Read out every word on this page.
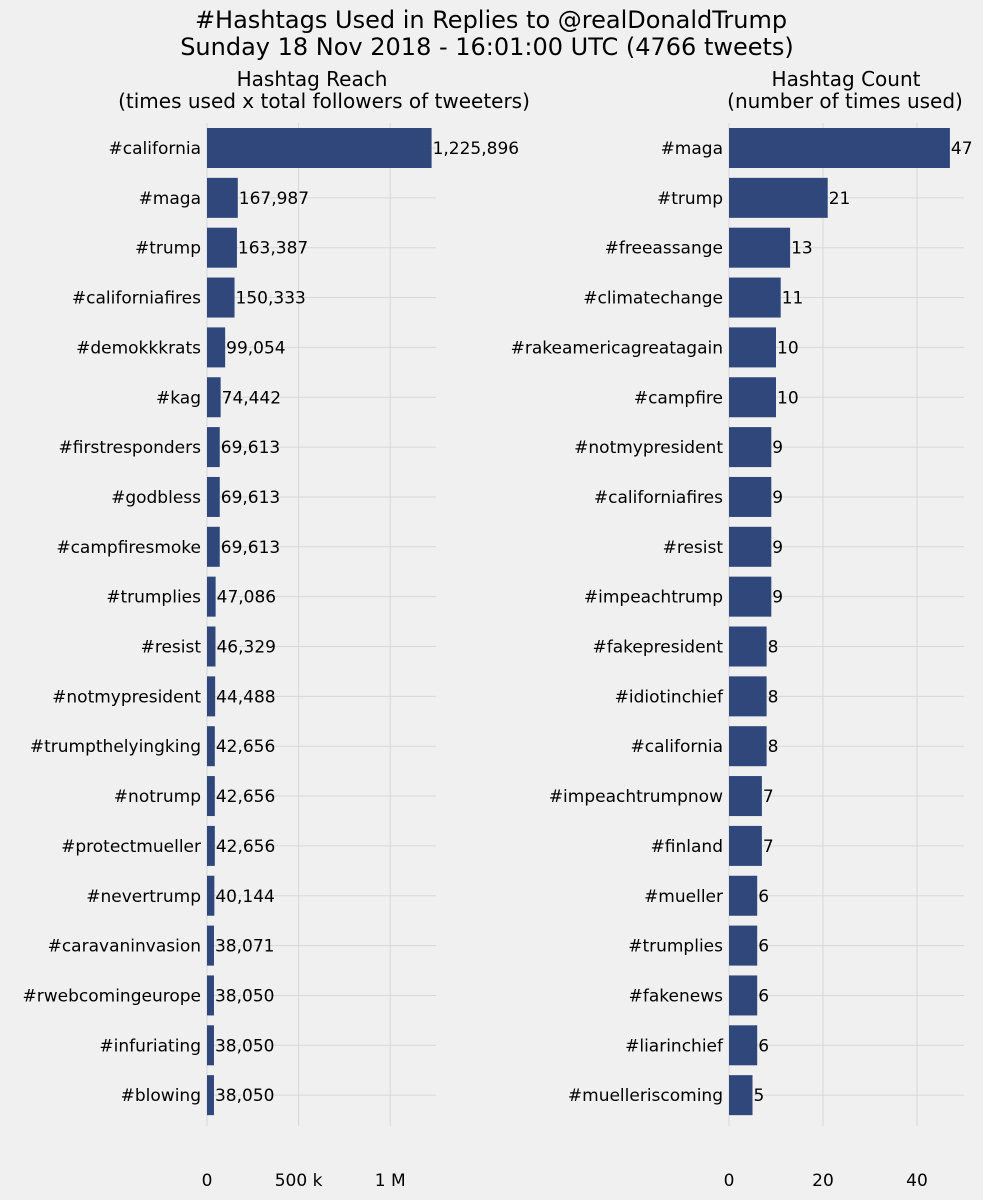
#Hashtags Used in Replies to @realDonaldTrump
Sunday 18 Nov 2018 - 16:01:00 UTC (4766 tweets)
Hashtag Reach
(times used x total followers of tweeters)
#california	1,225,896
#maga 167,987
#trump 163,387
#californiafires 150,333
#demokkkrats 99,054
#kag 74,442
#firstresponders 69,613
#godbless 69,613
#campfiresmoke 69,613
#trumplies 47,086
#resist 46,329
#notmypresident 44,488
#trumpthelyingking 42,656
#notrump 42,656
#protectmueller 42,656
#nevertrump 40,144
#caravaninvasion 38,071
#rwebcomingeurope 38,050
#infuriating 38,050
#blowing 38,050
0	500 k	1 M
Hashtag Count
(number of times used)
#maga	47
#trump	21
#freeassange	13
#climatechange	11
#rakeamericagreatagain	10
#campfire	10
#notmypresident	9
#californiafires	9
#resist	9
#impeachtrump	9
#fakepresident	8
#idiotinchief	8
#california	8
#impeachtrumpnow 7
#finland 7
#mueller 6
#trumplies 6
#fakenews 6
#liarinchief 6
#muelleriscoming 5
0	20	40
